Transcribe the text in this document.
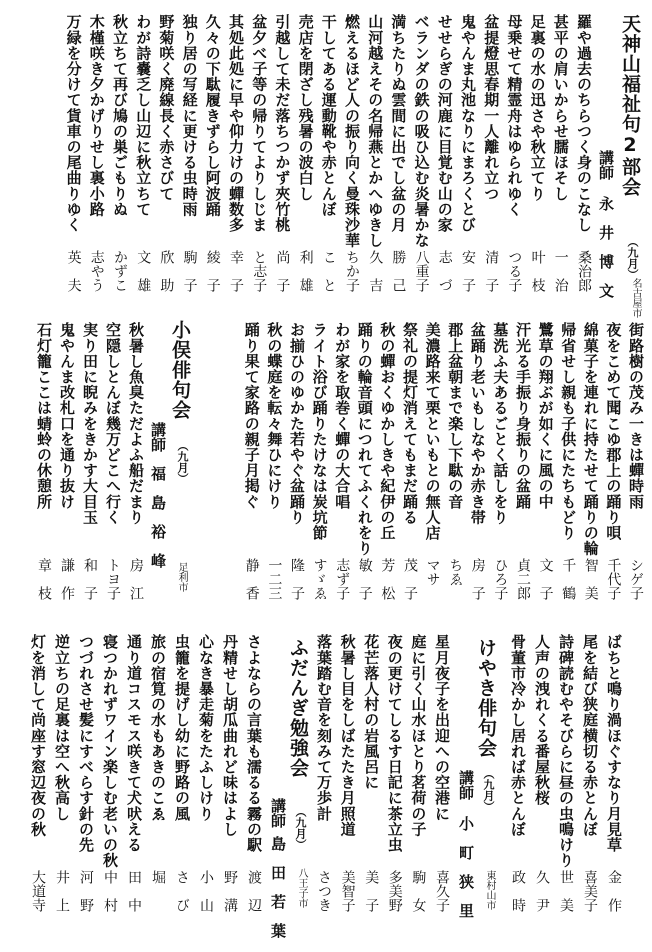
天神山福祉句2部会
（九月）
名古屋市
講師
永井博文
羅や過去のちらつく身のこなし
桑治郎
甚平の肩いからせ臑ほそし
一　治
足裏の水の迅さや秋立てり
叶　枝
母乗せて精霊舟はゆられゆく
つる子
盆提燈思春期一人離れ立つ
清　子
鬼やんま丸池なりにまろくとび
安　子
せせらぎの河鹿に目覚む山の家
志　づ
ベランダの鉄の吸ひ込む炎暑かな
八重子
満ちたりぬ雲間に出でし盆の月
勝　己
山河越えその名帰燕とかへゆきし
久　吉
燃えるほど人の振り向く曼珠沙華
ちか子
干してある運動靴や赤とんぼ
こ　と
売店を閉ざし残暑の波白し
利　雄
引越して未だ落ちつかず夾竹桃
尚　子
盆夕べ子等の帰りてよりしじま
と志子
其処此処に早や仰力けの蟬数多
幸　子
久々の下駄履きずらし阿波踊
綾　子
独り居の写経に更ける虫時雨
駒　子
野菊咲く廃線長く赤さびて
欣　助
わが詩嚢乏し山辺に秋立ちて
文　雄
秋立ちて再び鳩の巣ごもりぬ
かずこ
木槿咲き夕かげりせし裏小路
志やう
万緑を分けて貨車の尾曲りゆく
英　夫
街路樹の茂み一きは蟬時雨
シゲ子
夜をこめて聞こゆ郡上の踊り唄
千代子
綿菓子を連れに持たせて踊りの輪
智　美
帰省せし親も子供にたちもどり
千　鶴
鷺草の翔ぶが如くに風の中
文　子
汗光る手振り身振りの盆踊
貞二郎
墓洗ふ夫あるごとく話しをり
ひろ子
盆踊り老いもしなやか赤き帯
房　子
郡上盆朝まで楽し下駄の音
ちゑ
美濃路来て栗といもとの無人店
マサ
祭礼の提灯消えてもまだ踊る
茂　子
秋の蟬おくゆかしきや紀伊の丘
芳　松
踊りの輪音頭につれてふくれをり
敏　子
わが家を取巻く蟬の大合唱
志ず子
ライト浴び踊りたけなは炭坑節
すゞゑ
お揃ひのゆかた若やぐ盆踊り
隆　子
秋の蝶庭を転々舞ひにけり
一二三
踊り果て家路の親子月掲ぐ
静　香
小俣俳句会
（九月）
講師
福島裕峰 足利市
秋暑し魚臭ただよふ船だまり
房　江
空隠しとんぼ幾万どこへ行く
トヨ子
実り田に睨みをきかす大目玉
和　子
鬼やんま改札口を通り抜け
謙　作
石灯籠ここは蜻蛉の休憩所
章　枝
ばちと鳴り渦ほぐすなり月見草
金　作
尾を結び狭庭横切る赤とんぼ
喜美子
詩碑読むやそびらに昼の虫鳴けり
世　美
人声の洩れくる番屋秋桜
久　尹
骨董市冷かし居れば赤とんぼ
政　時
けやき俳句会
（九月）
講師
小町狭里 東村山市
星月夜子を出迎への空港に
喜久子
庭に引く山水ほとり茗荷の子
駒　女
夜の更けてしるす日記に茶立虫
多美野
花芒落人村の岩風呂に
美　子
秋暑し目をしばたたき月照道
美智子
落葉踏む音を刻みて万歩計
さつき
ふだんぎ勉強会
（九月）
講師
島田若葉 八王子市
さよならの言葉も濡るる霧の駅
渡　辺
丹精せし胡瓜曲れど味はよし
野　溝
心なき暴走菊をたふしけり
小　山
虫籠を提げし幼に野路の風
さ　び
旅の宿筧の水もあきのこゑ
堀
通り道コスモス咲きて犬吠える
田　中
寝つかれずワイン楽しむ老いの秋
中　村
つづれさせ髪にすべらす針の先
河　野
逆立ちの足裏は空へ秋高し
井　上
灯を消して尚座す窓辺夜の秋
大道寺
